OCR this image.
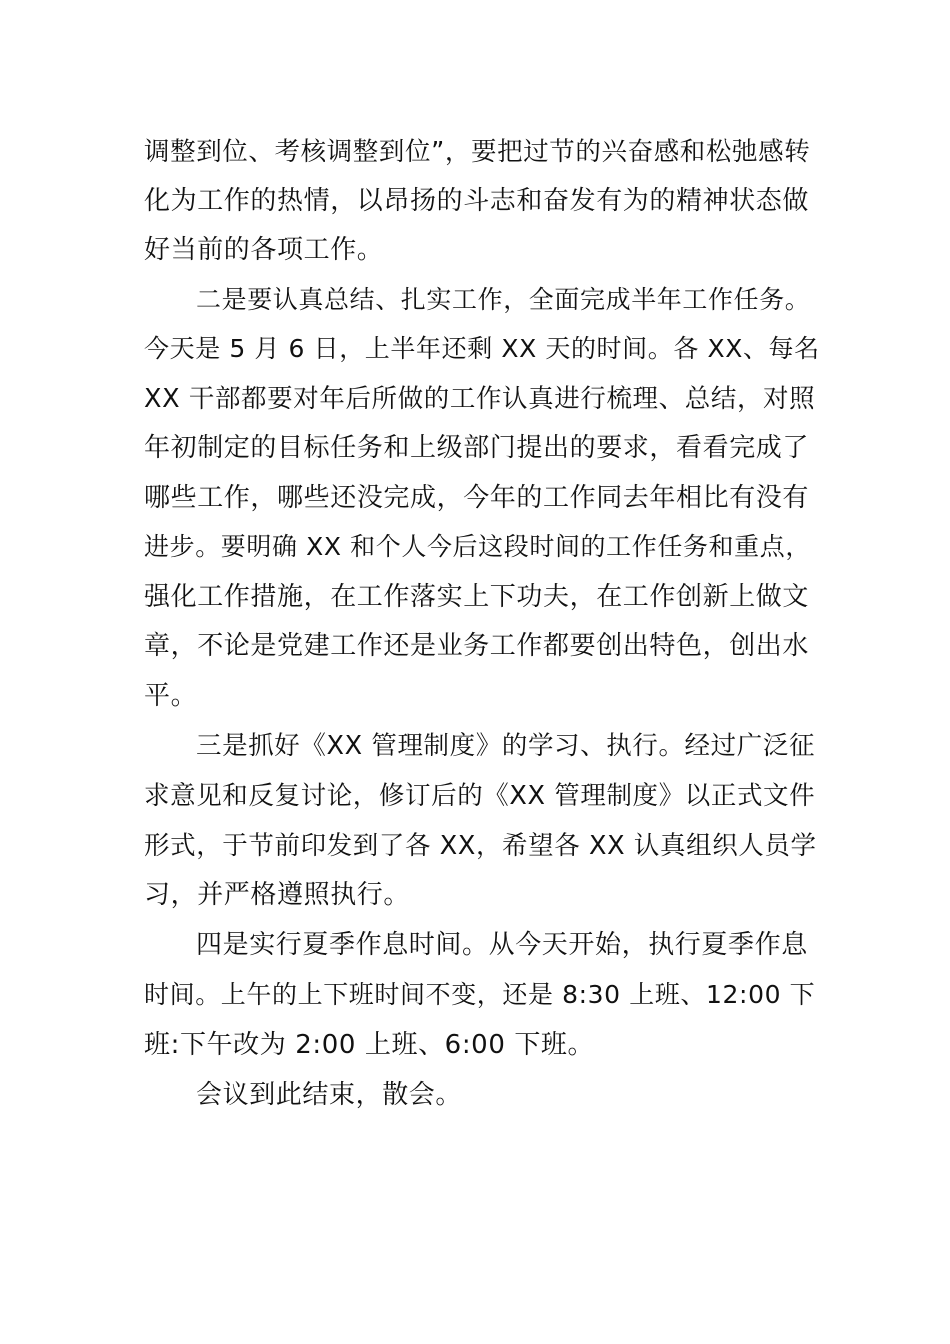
调整到位、考核调整到位”，要把过节的兴奋感和松弛感转
化为工作的热情，以昂扬的斗志和奋发有为的精神状态做
好当前的各项工作。
二是要认真总结、扎实工作，全面完成半年工作任务。
今天是 5 月 6 日，上半年还剩 XX 天的时间。各 XX、每名
XX 干部都要对年后所做的工作认真进行梳理、总结，对照
年初制定的目标任务和上级部门提出的要求，看看完成了
哪些工作，哪些还没完成，今年的工作同去年相比有没有
进步。要明确 XX 和个人今后这段时间的工作任务和重点，
强化工作措施，在工作落实上下功夫，在工作创新上做文
章，不论是党建工作还是业务工作都要创出特色，创出水
平。
三是抓好《XX 管理制度》的学习、执行。经过广泛征
求意见和反复讨论，修订后的《XX 管理制度》以正式文件
形式，于节前印发到了各 XX，希望各 XX 认真组织人员学
习，并严格遵照执行。
四是实行夏季作息时间。从今天开始，执行夏季作息
时间。上午的上下班时间不变，还是 8:30 上班、12:00 下
班:下午改为 2:00 上班、6:00 下班。
会议到此结束，散会。
